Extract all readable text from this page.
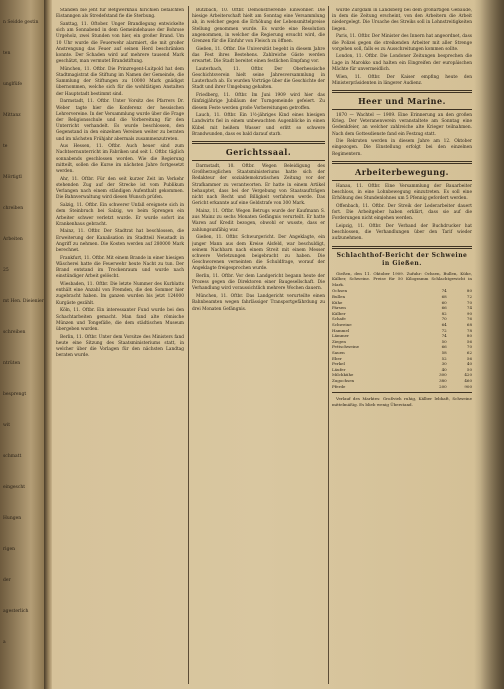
n Seidde gestin
ten
unglfüfe
Mittanz
te
Mörtigtl
chreiben
Arbeiten
25
mt Hen. Dieienier
schreiben
ntrüten
besprengt
wit
schmatt
eingescht
Hungen
rigen
der
agesterlich
a

Ständen bie jeht für Betgwerkhau hirichien befalchfen Eistanngen als Stredefstand fie die Sterbung.

Santtag, 11. Oftober. Unger Brandlegung entwickelte sich am Sonnabend in dem Gemeindehause der Bohrsse Urgeholz, zwei Stunden von hier, ein großer Brand. Um 10 Uhr wurde die Feuerwehr alarmiert, die mit großer Anstrengung das Feuer auf seinen Herd beschränken konnte. Der Schaden wird auf mehrere tausend Mark geschätzt, man vermutet Brandstiftung.

München, 11. Oftbr. Die Prinzregent-Luitpold hat dem Stadtmagistrat die Stiftung im Namen der Gemeinde, die Sammlung der Stiftungen zu 10000 Mark gnädigst übernommen, welche sich für die wohltätigen Anstalten der Hauptstadt bestimmt sind.

Darmstadt, 11. Oftbr. Unter Vorsitz des Pfarrers Dr. Weber tagte hier die Konferenz der hessischen Lehrervereine. In der Versammlung wurde über die Frage der Religionsschule und die Vorbereitung für den Unterricht verhandelt. Es wurde beschlossen, den Gegenstand in den einzelnen Vereinen weiter zu beraten und im nächsten Frühjahr abermals zusammenzutreten.

Aus Hessen, 11. Oftbr. Auch heuer sind zum Nachtsernunterricht im Fabriken und seit 1. Oftbr. täglich sonnabends geschlossen worden. Wie die Regierung mitteilt, sollen die Kurse im nächsten Jahre fortgesetzt werden.

Ahr, 11. Oftbr. Für den seit kurzer Zeit im Verkehr stehenden Zug auf der Strecke ist vom Publikum Verlangen nach einem ständigen Aufenthalt gekommen. Die Bahnverwaltung wird diesen Wunsch prüfen.

Salzig, 11. Oftbr. Ein schwerer Unfall ereignete sich in dem Steinbruch bei Salzig, wo beim Sprengen ein Arbeiter schwer verletzt wurde. Er wurde sofort ins Krankenhaus gebracht.

Mainz, 11. Oftbr. Der Stadtrat hat beschlossen, die Erweiterung der Kanalisation im Stadtteil Neustadt in Angriff zu nehmen. Die Kosten werden auf 280000 Mark berechnet.

Frankfurt, 11. Oftbr. Mit einem Brande in einer hiesigen Wäscherei hatte die Feuerwehr heute Nacht zu tun. Der Brand entstand im Trockenraum und wurde nach einstündiger Arbeit gelöscht.

Wiesbaden, 11. Oftbr. Die letzte Nummer des Kurblatts enthält eine Anzahl von Fremden, die den Sommer hier zugebracht haben. Im ganzen wurden bis jetzt 124000 Kurgäste gezählt.

Köln, 11. Oftbr. Ein interessanter Fund wurde bei den Schachtarbeiten gemacht. Man fand alte römische Münzen und Tongefäße, die dem städtischen Museum übergeben wurden.

Berlin, 11. Oftbr. Unter dem Vorsitze des Ministers fand heute eine Sitzung des Staatsministeriums statt, in welcher über die Vorlagen für den nächsten Landtag beraten wurde.

Butzbach, 10. Oftbr. Demonstrierende Einwohner. Die hiesige Arbeiterschaft hielt am Sonntag eine Versammlung ab, in welcher gegen die Erhöhung der Lebensmittelpreise Stellung genommen wurde. Es wurde eine Resolution angenommen, in welcher die Regierung ersucht wird, die Grenzen für die Einfuhr von Fleisch zu öffnen.

Gießen, 11. Oftbr. Die Universität begeht in diesem Jahre das Fest ihres Bestehens. Zahlreiche Gäste werden erwartet. Die Stadt bereitet einen festlichen Empfang vor.

Lauterbach, 11. Oftbr. Der Oberhessische Geschichtsverein hielt seine Jahresversammlung in Lauterbach ab. Es wurden Vorträge über die Geschichte der Stadt und ihrer Umgebung gehalten.

Friedberg, 11. Oftbr. Im Juni 1909 wird hier das fünfzigjährige Jubiläum der Turngemeinde gefeiert. Zu diesem Feste werden große Vorbereitungen getroffen.

Lauch, 11. Oftbr. Ein 1½-jähriges Kind eines hiesigen Landwirts fiel in einem unbewachten Augenblicke in einen Kübel mit heißem Wasser und erlitt so schwere Brandwunden, dass es bald darauf starb.

Gerichtssaal.

Darmstadt, 10. Oftbr. Wegen Beleidigung des Großherzoglichen Staatsministeriums hatte sich der Redakteur der sozialdemokratischen Zeitung vor der Strafkammer zu verantworten. Er hatte in einem Artikel behauptet, dass bei der Vergebung von Staatsaufträgen nicht nach Recht und Billigkeit verfahren werde. Das Gericht erkannte auf eine Geldstrafe von 300 Mark.

Mainz, 11. Oftbr. Wegen Betrugs wurde der Kaufmann S. aus Mainz zu sechs Monaten Gefängnis verurteilt. Er hatte Waren auf Kredit bezogen, obwohl er wusste, dass er zahlungsunfähig war.

Gießen, 11. Oftbr. Schwurgericht. Der Angeklagte, ein junger Mann aus dem Kreise Alsfeld, war beschuldigt, seinem Nachbarn nach einem Streit mit einem Messer schwere Verletzungen beigebracht zu haben. Die Geschworenen verneinten die Schuldfrage, worauf der Angeklagte freigesprochen wurde.

Berlin, 11. Oftbr. Vor dem Landgericht begann heute der Prozess gegen die Direktoren einer Baugesellschaft. Die Verhandlung wird voraussichtlich mehrere Wochen dauern.

München, 11. Oftbr. Das Landgericht verurteilte einen Bahnbeamten wegen fahrlässiger Transportgefährdung zu drei Monaten Gefängnis.

wurde Zurgdam in Landsberg bei dem großartigen Gebäude, in dem die Zeitung erscheint, von den Arbeitern die Arbeit niedergelegt. Die Ursache des Streiks soll in Lohnstreitigkeiten liegen.

Paris, 11. Oftbr. Der Minister des Innern hat angeordnet, dass die Polizei gegen die streikenden Arbeiter mit aller Strenge vorgehen soll, falls es zu Ausschreitungen kommen sollte.

London, 11. Oftbr. Die Londoner Zeitungen besprechen die Lage in Marokko und halten ein Eingreifen der europäischen Mächte für unvermeidlich.

Wien, 11. Oftbr. Der Kaiser empfing heute den Ministerpräsidenten in längerer Audienz.

Heer und Marine.

1870 — Wachtel — 1909. Eine Erinnerung an den großen Krieg. Der Veteranenverein veranstaltete am Sonntag eine Gedenkfeier, an welcher zahlreiche alte Krieger teilnahmen. Nach dem Gottesdienste fand ein Festzug statt.

Die Rekruten werden in diesem Jahre am 12. Oktober eingezogen. Die Einstellung erfolgt bei den einzelnen Regimentern.

Arbeiterbewegung.

Hanau, 11. Oftbr. Eine Versammlung der Bauarbeiter beschloss, in eine Lohnbewegung einzutreten. Es soll eine Erhöhung des Stundenlohnes um 5 Pfennig gefordert werden.

Offenbach, 11. Oftbr. Der Streik der Lederarbeiter dauert fort. Die Arbeitgeber haben erklärt, dass sie auf die Forderungen nicht eingehen werden.

Leipzig, 11. Oftbr. Der Verband der Buchdrucker hat beschlossen, die Verhandlungen über den Tarif wieder aufzunehmen.

Schlachthof-Bericht der Schweine in Gießen.

Gießen, den 11. Oktober 1909. Zufuhr: Ochsen, Bullen, Kühe, Kälber, Schweine. Preise für 50 Kilogramm Schlachtgewicht in Mark.

Ochsen	74	80
Bullen	68	72
Kühe	60	70
Färsen	66	74
Kälber	82	90
Schafe	70	76
Schweine	64	68
Hammel	72	78
Lämmer	74	80
Ziegen	50	56
Fettschweine	66	70
Sauen	58	62
Eber	52	56
Ferkel	30	40
Läufer	40	50
Milchkühe	300	420
Zugochsen	380	460
Pferde	200	900

Verlauf des Marktes: Großvieh ruhig, Kälber lebhaft, Schweine mittelmäßig. Es blieb wenig Überstand.
